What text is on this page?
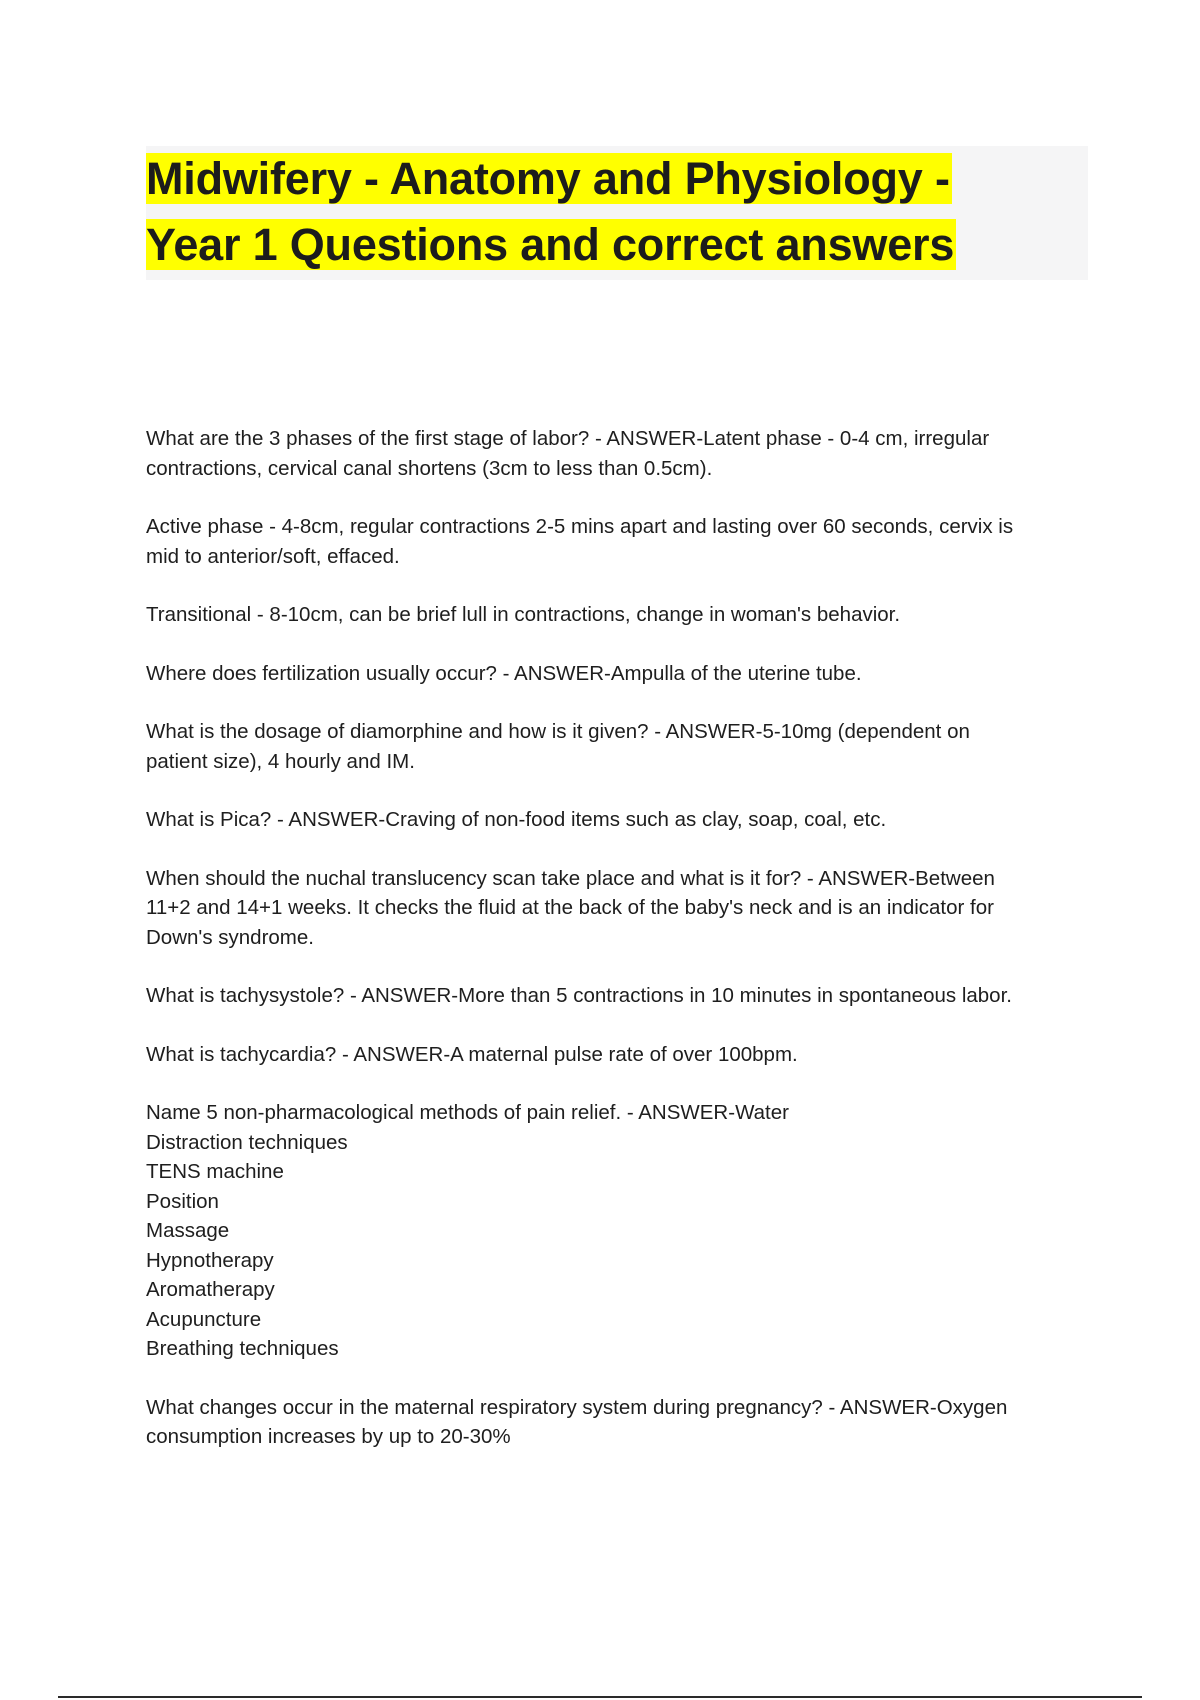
Midwifery - Anatomy and Physiology -
Year 1 Questions and correct answers

What are the 3 phases of the first stage of labor? - ANSWER-Latent phase - 0-4 cm, irregular
contractions, cervical canal shortens (3cm to less than 0.5cm).

Active phase - 4-8cm, regular contractions 2-5 mins apart and lasting over 60 seconds, cervix is
mid to anterior/soft, effaced.

Transitional - 8-10cm, can be brief lull in contractions, change in woman's behavior.

Where does fertilization usually occur? - ANSWER-Ampulla of the uterine tube.

What is the dosage of diamorphine and how is it given? - ANSWER-5-10mg (dependent on
patient size), 4 hourly and IM.

What is Pica? - ANSWER-Craving of non-food items such as clay, soap, coal, etc.

When should the nuchal translucency scan take place and what is it for? - ANSWER-Between
11+2 and 14+1 weeks. It checks the fluid at the back of the baby's neck and is an indicator for
Down's syndrome.

What is tachysystole? - ANSWER-More than 5 contractions in 10 minutes in spontaneous labor.

What is tachycardia? - ANSWER-A maternal pulse rate of over 100bpm.

Name 5 non-pharmacological methods of pain relief. - ANSWER-Water
Distraction techniques
TENS machine
Position
Massage
Hypnotherapy
Aromatherapy
Acupuncture
Breathing techniques

What changes occur in the maternal respiratory system during pregnancy? - ANSWER-Oxygen
consumption increases by up to 20-30%
